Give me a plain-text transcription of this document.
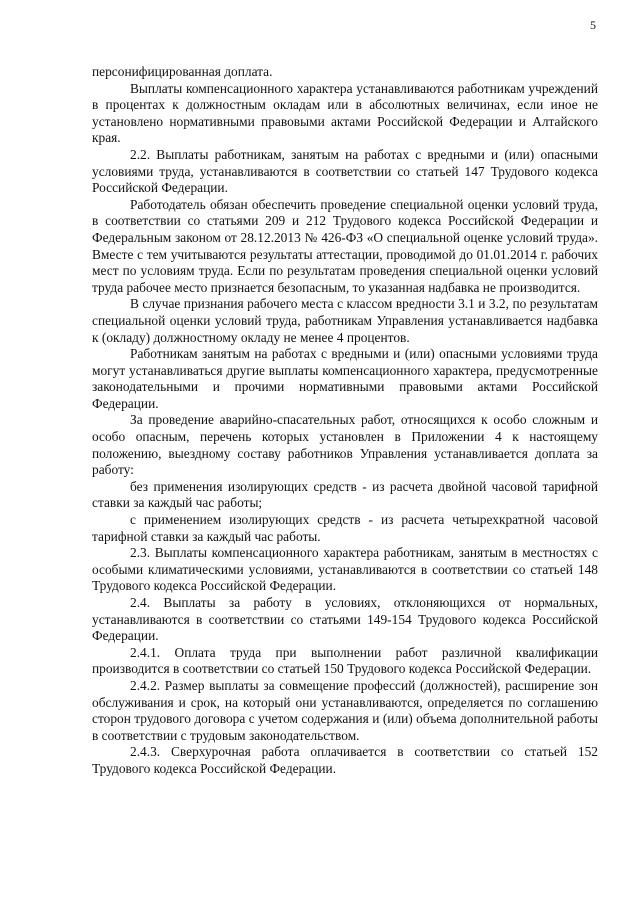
5

персонифицированная доплата.

Выплаты компенсационного характера устанавливаются работникам учреждений в процентах к должностным окладам или в абсолютных величинах, если иное не установлено нормативными правовыми актами Российской Федерации и Алтайского края.

2.2. Выплаты работникам, занятым на работах с вредными и (или) опасными условиями труда, устанавливаются в соответствии со статьей 147 Трудового кодекса Российской Федерации.

Работодатель обязан обеспечить проведение специальной оценки условий труда, в соответствии со статьями 209 и 212 Трудового кодекса Российской Федерации и Федеральным законом от 28.12.2013 № 426-ФЗ «О специальной оценке условий труда». Вместе с тем учитываются результаты аттестации, проводимой до 01.01.2014 г. рабочих мест по условиям труда. Если по результатам проведения специальной оценки условий труда рабочее место признается безопасным, то указанная надбавка не производится.

В случае признания рабочего места с классом вредности 3.1 и 3.2, по результатам специальной оценки условий труда, работникам Управления устанавливается надбавка к (окладу) должностному окладу не менее 4 процентов.

Работникам занятым на работах с вредными и (или) опасными условиями труда могут устанавливаться другие выплаты компенсационного характера, предусмотренные законодательными и прочими нормативными правовыми актами Российской Федерации.

За проведение аварийно-спасательных работ, относящихся к особо сложным и особо опасным, перечень которых установлен в Приложении 4 к настоящему положению, выездному составу работников Управления устанавливается доплата за работу:

без применения изолирующих средств - из расчета двойной часовой тарифной ставки за каждый час работы;

с применением изолирующих средств - из расчета четырехкратной часовой тарифной ставки за каждый час работы.

2.3. Выплаты компенсационного характера работникам, занятым в местностях с особыми климатическими условиями, устанавливаются в соответствии со статьей 148 Трудового кодекса Российской Федерации.

2.4. Выплаты за работу в условиях, отклоняющихся от нормальных, устанавливаются в соответствии со статьями 149-154 Трудового кодекса Российской Федерации.

2.4.1. Оплата труда при выполнении работ различной квалификации производится в соответствии со статьей 150 Трудового кодекса Российской Федерации.

2.4.2. Размер выплаты за совмещение профессий (должностей), расширение зон обслуживания и срок, на который они устанавливаются, определяется по соглашению сторон трудового договора с учетом содержания и (или) объема дополнительной работы в соответствии с трудовым законодательством.

2.4.3. Сверхурочная работа оплачивается в соответствии со статьей 152 Трудового кодекса Российской Федерации.
